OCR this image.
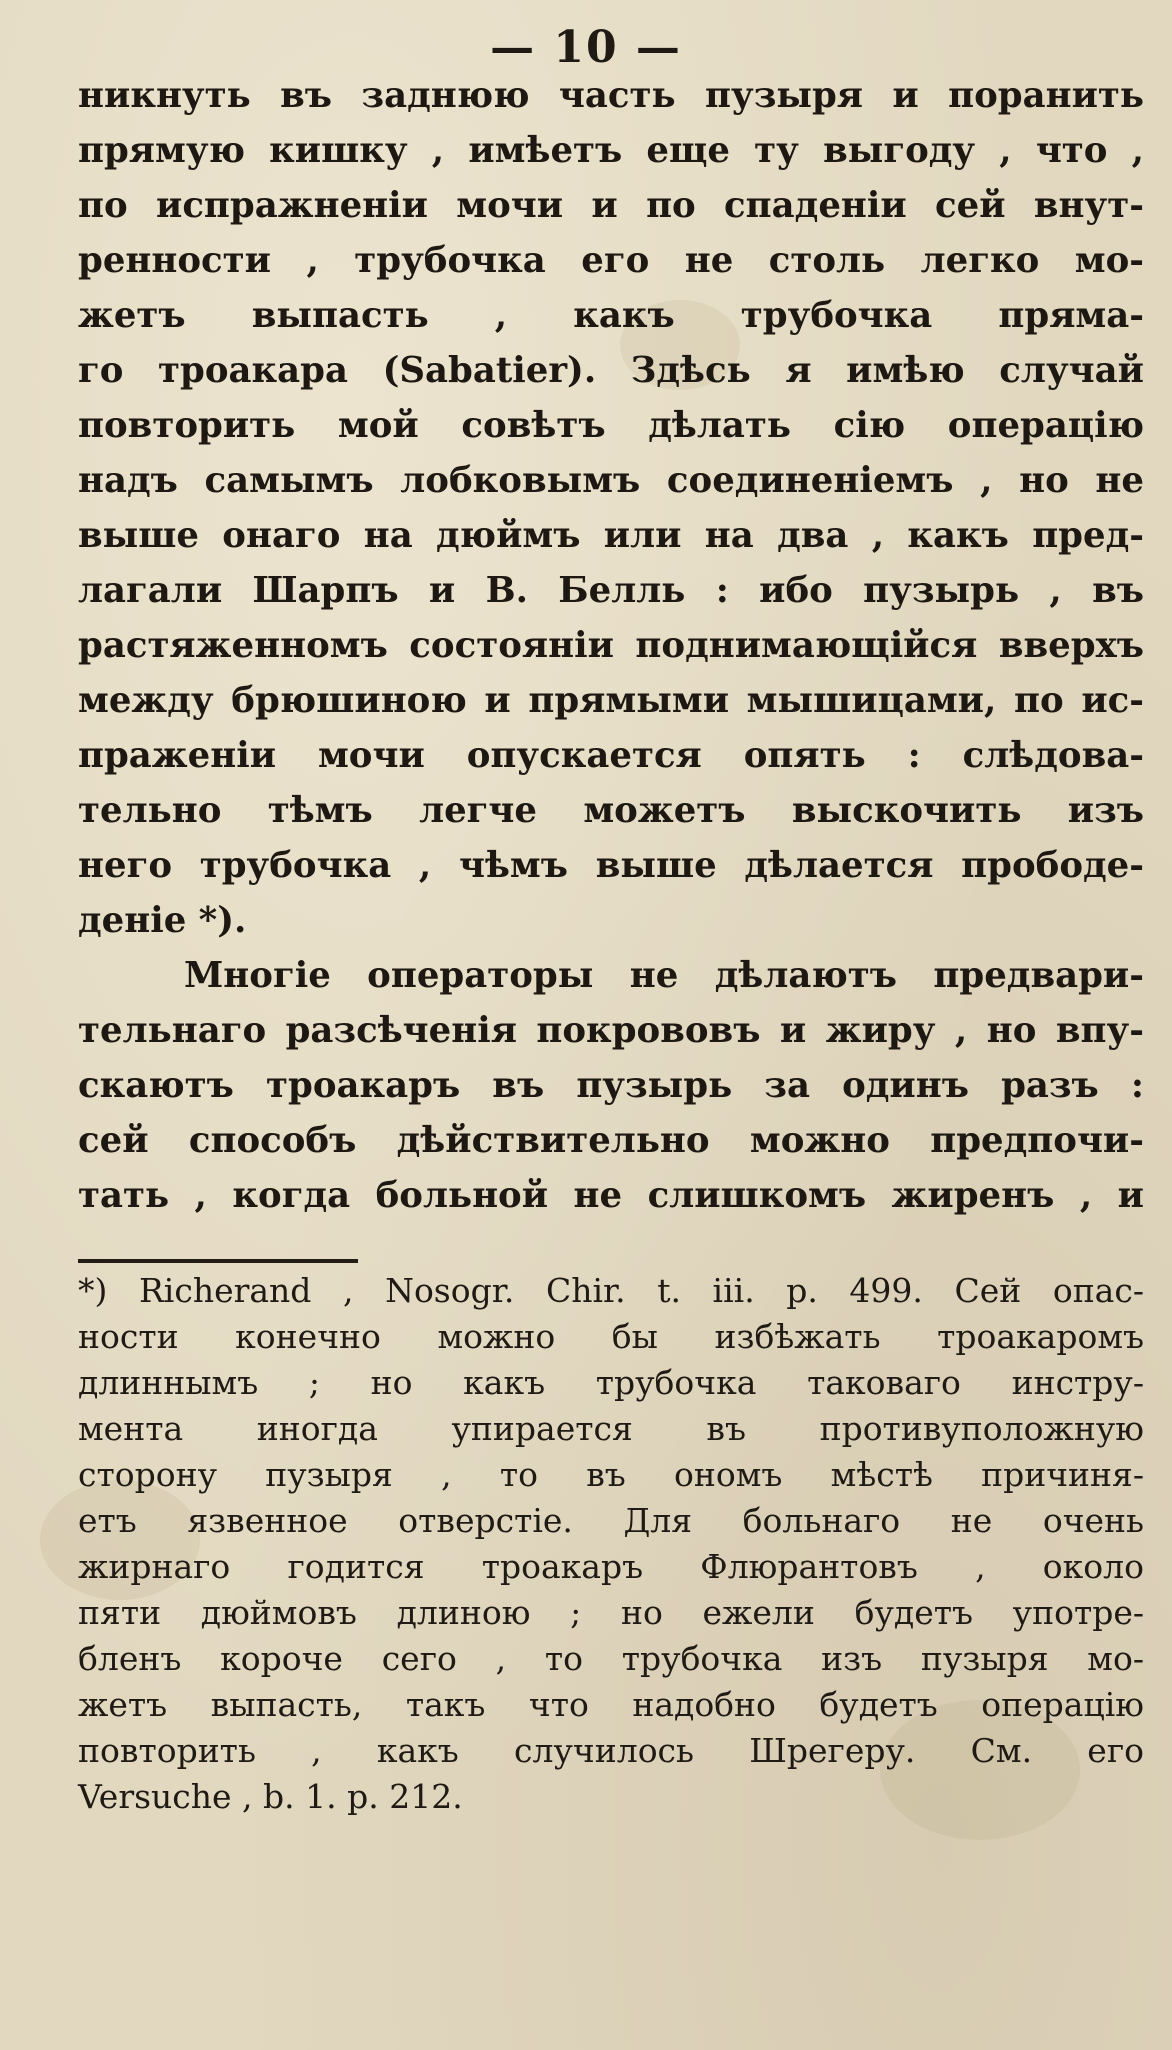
— 10 —
никнуть въ заднюю часть пузыря и поранить
прямую кишку , имѣетъ еще ту выгоду , что ,
по испражненіи мочи и по спаденіи сей внут-
ренности , трубочка его не столь легко мо-
жетъ выпасть , какъ трубочка пряма-
го троакара (Sabatier). Здѣсь я имѣю случай
повторить мой совѣтъ дѣлать сію операцію
надъ самымъ лобковымъ соединеніемъ , но не
выше онаго на дюймъ или на два , какъ пред-
лагали Шарпъ и В. Белль : ибо пузырь , въ
растяженномъ состояніи поднимающійся вверхъ
между брюшиною и прямыми мышицами, по ис-
праженіи мочи опускается опять : слѣдова-
тельно тѣмъ легче можетъ выскочить изъ
него трубочка , чѣмъ выше дѣлается прободе-
деніе *).
Многіе операторы не дѣлаютъ предвари-
тельнаго разсѣченія покрововъ и жиру , но впу-
скаютъ троакаръ въ пузырь за одинъ разъ :
сей способъ дѣйствительно можно предпочи-
тать , когда больной не слишкомъ жиренъ , и
*) Richerand , Nosogr. Chir. t. iii. p. 499. Сей опас-
ности конечно можно бы избѣжать троакаромъ
длиннымъ ; но какъ трубочка таковаго инстру-
мента иногда упирается въ противуположную
сторону пузыря , то въ ономъ мѣстѣ причиня-
етъ язвенное отверстіе. Для больнаго не очень
жирнаго годится троакаръ Флюрантовъ , около
пяти дюймовъ длиною ; но ежели будетъ употре-
бленъ короче сего , то трубочка изъ пузыря мо-
жетъ выпасть, такъ что надобно будетъ операцію
повторить , какъ случилось Шрегеру. См. его
Versuche , b. 1. p. 212.
